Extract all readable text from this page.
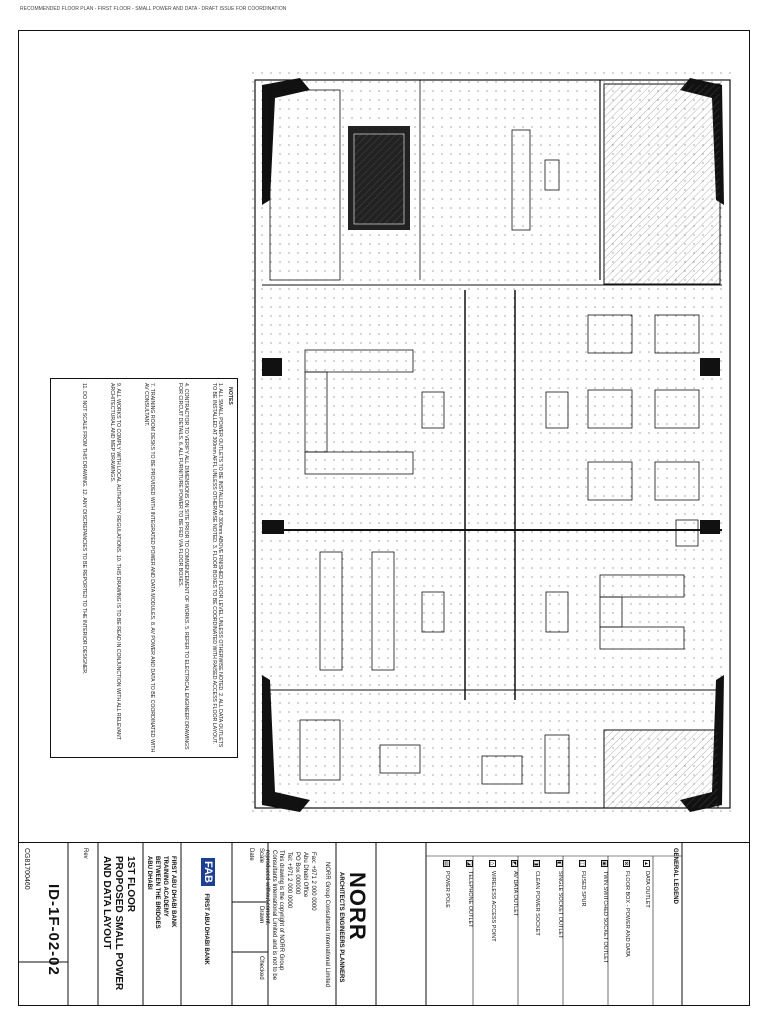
RECOMMENDED FLOOR PLAN - FIRST FLOOR - SMALL POWER AND DATA - DRAFT ISSUE FOR COORDINATION
NOTES
1. ALL SMALL POWER OUTLETS TO BE INSTALLED AT 300mm ABOVE FINISHED FLOOR LEVEL UNLESS OTHERWISE NOTED. 2. ALL DATA OUTLETS TO BE INSTALLED AT 300mm AFFL UNLESS OTHERWISE NOTED. 3. FLOOR BOXES TO BE COORDINATED WITH RAISED ACCESS FLOOR LAYOUT.
4. CONTRACTOR TO VERIFY ALL DIMENSIONS ON SITE PRIOR TO COMMENCEMENT OF WORKS. 5. REFER TO ELECTRICAL ENGINEER DRAWINGS FOR CIRCUIT DETAILS. 6. ALL FURNITURE POWER TO BE FED VIA FLOOR BOXES.
7. TRAINING ROOM DESKS TO BE PROVIDED WITH INTEGRATED POWER AND DATA MODULES. 8. AV POWER AND DATA TO BE COORDINATED WITH AV CONSULTANT.
9. ALL WORKS TO COMPLY WITH LOCAL AUTHORITY REGULATIONS. 10. THIS DRAWING IS TO BE READ IN CONJUNCTION WITH ALL RELEVANT ARCHITECTURAL AND MEP DRAWINGS.
11. DO NOT SCALE FROM THIS DRAWING. 12. ANY DISCREPANCIES TO BE REPORTED TO THE INTERIOR DESIGNER.
ID-1F-02-02
CG81700460	Rev
1ST FLOOR
PROPOSED SMALL POWER
AND DATA LAYOUT	FIRST ABU DHABI BANK
TRAINING ACADEMY
BETWEEN THE BRIDGES
ABU DHABI	FAB FIRST ABU DHABI BANK
Scale
Drawn
Checked
Date	This drawing is the copyright of NORR Group Consultants International Limited and is not to be reproduced without consent.	Abu Dhabi Office
PO Box 000000
Tel: +971 2 000 0000	Fax: +971 2 000 0000 NORR Group Consultants International Limited NORR
ARCHITECTS ENGINEERS PLANNERS	GENERAL LEGEND
▲
DATA OUTLET
⊠
FLOOR BOX - POWER AND DATA
▣
TWIN SWITCHED SOCKET OUTLET
◫
FUSED SPUR
◧
SINGLE SOCKET OUTLET
◨
CLEAN POWER SOCKET
◩
AV DATA OUTLET
△
WIRELESS ACCESS POINT
◪
TELEPHONE OUTLET
▤
POWER POLE
